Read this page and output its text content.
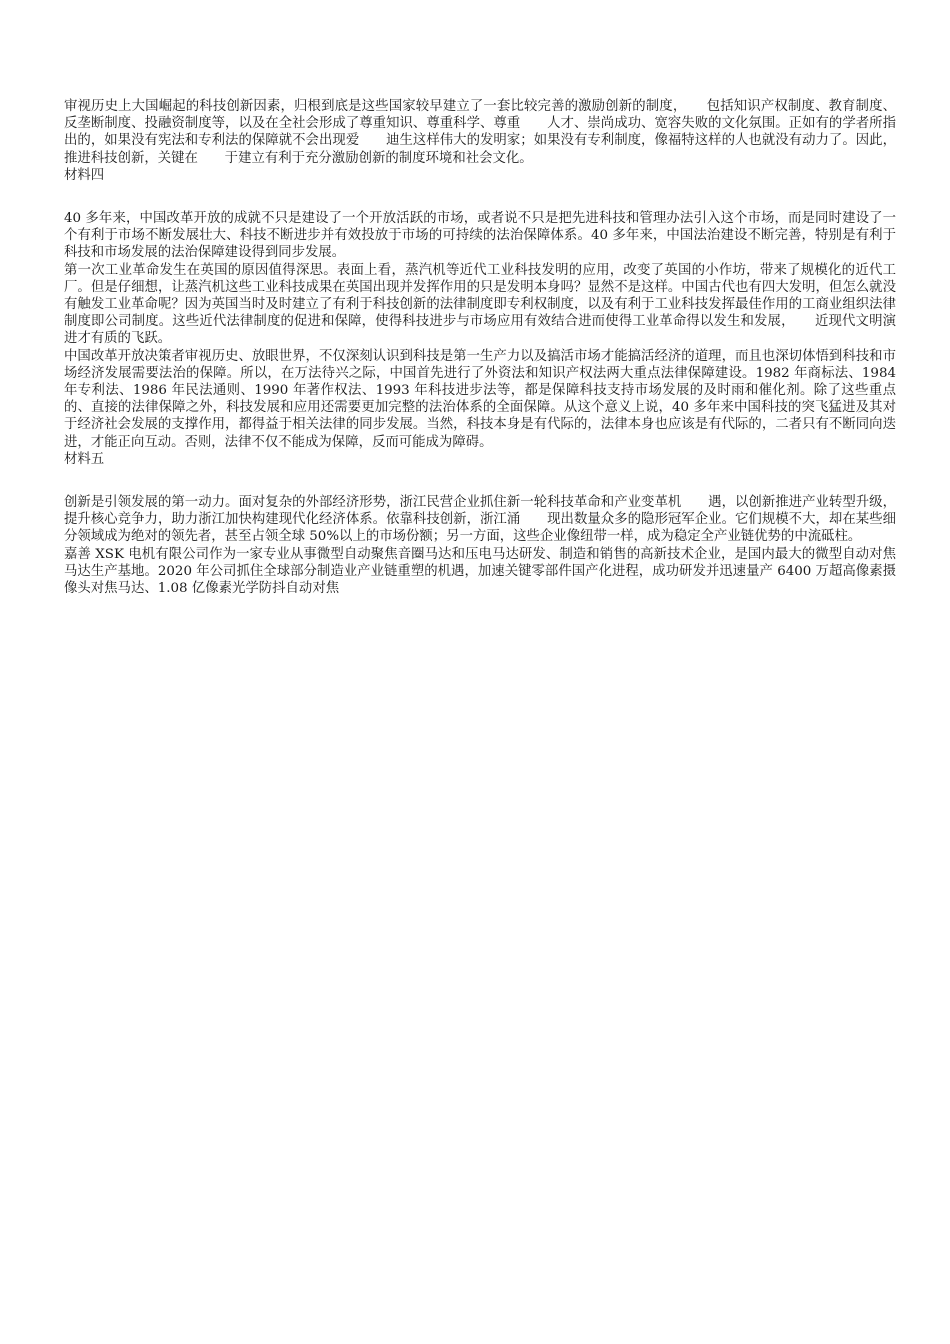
审视历史上大国崛起的科技创新因素，归根到底是这些国家较早建立了一套比较完善的激励创新的制度，　　包括知识产权制度、教育制度、反垄断制度、投融资制度等，以及在全社会形成了尊重知识、尊重科学、尊重　　人才、崇尚成功、宽容失败的文化氛围。正如有的学者所指出的，如果没有宪法和专利法的保障就不会出现爱　　迪生这样伟大的发明家；如果没有专利制度，像福特这样的人也就没有动力了。因此，推进科技创新，关键在　　于建立有利于充分激励创新的制度环境和社会文化。

材料四

40 多年来，中国改革开放的成就不只是建设了一个开放活跃的市场，或者说不只是把先进科技和管理办法引入这个市场，而是同时建设了一个有利于市场不断发展壮大、科技不断进步并有效投放于市场的可持续的法治保障体系。40 多年来，中国法治建设不断完善，特别是有利于科技和市场发展的法治保障建设得到同步发展。

第一次工业革命发生在英国的原因值得深思。表面上看，蒸汽机等近代工业科技发明的应用，改变了英国的小作坊，带来了规模化的近代工厂。但是仔细想，让蒸汽机这些工业科技成果在英国出现并发挥作用的只是发明本身吗？显然不是这样。中国古代也有四大发明，但怎么就没有触发工业革命呢？因为英国当时及时建立了有利于科技创新的法律制度即专利权制度，以及有利于工业科技发挥最佳作用的工商业组织法律制度即公司制度。这些近代法律制度的促进和保障，使得科技进步与市场应用有效结合进而使得工业革命得以发生和发展，　　近现代文明演进才有质的飞跃。

中国改革开放决策者审视历史、放眼世界，不仅深刻认识到科技是第一生产力以及搞活市场才能搞活经济的道理，而且也深切体悟到科技和市场经济发展需要法治的保障。所以，在万法待兴之际，中国首先进行了外资法和知识产权法两大重点法律保障建设。1982 年商标法、1984 年专利法、1986 年民法通则、1990 年著作权法、1993 年科技进步法等，都是保障科技支持市场发展的及时雨和催化剂。除了这些重点的、直接的法律保障之外，科技发展和应用还需要更加完整的法治体系的全面保障。从这个意义上说，40 多年来中国科技的突飞猛进及其对于经济社会发展的支撑作用，都得益于相关法律的同步发展。当然，科技本身是有代际的，法律本身也应该是有代际的，二者只有不断同向迭进，才能正向互动。否则，法律不仅不能成为保障，反而可能成为障碍。

材料五

创新是引领发展的第一动力。面对复杂的外部经济形势，浙江民营企业抓住新一轮科技革命和产业变革机　　遇，以创新推进产业转型升级，提升核心竞争力，助力浙江加快构建现代化经济体系。依靠科技创新，浙江涌　　现出数量众多的隐形冠军企业。它们规模不大，却在某些细分领域成为绝对的领先者，甚至占领全球 50%以上的市场份额；另一方面，这些企业像纽带一样，成为稳定全产业链优势的中流砥柱。

嘉善 XSK 电机有限公司作为一家专业从事微型自动聚焦音圈马达和压电马达研发、制造和销售的高新技术企业，是国内最大的微型自动对焦马达生产基地。2020 年公司抓住全球部分制造业产业链重塑的机遇，加速关键零部件国产化进程，成功研发并迅速量产 6400 万超高像素摄像头对焦马达、1.08 亿像素光学防抖自动对焦
